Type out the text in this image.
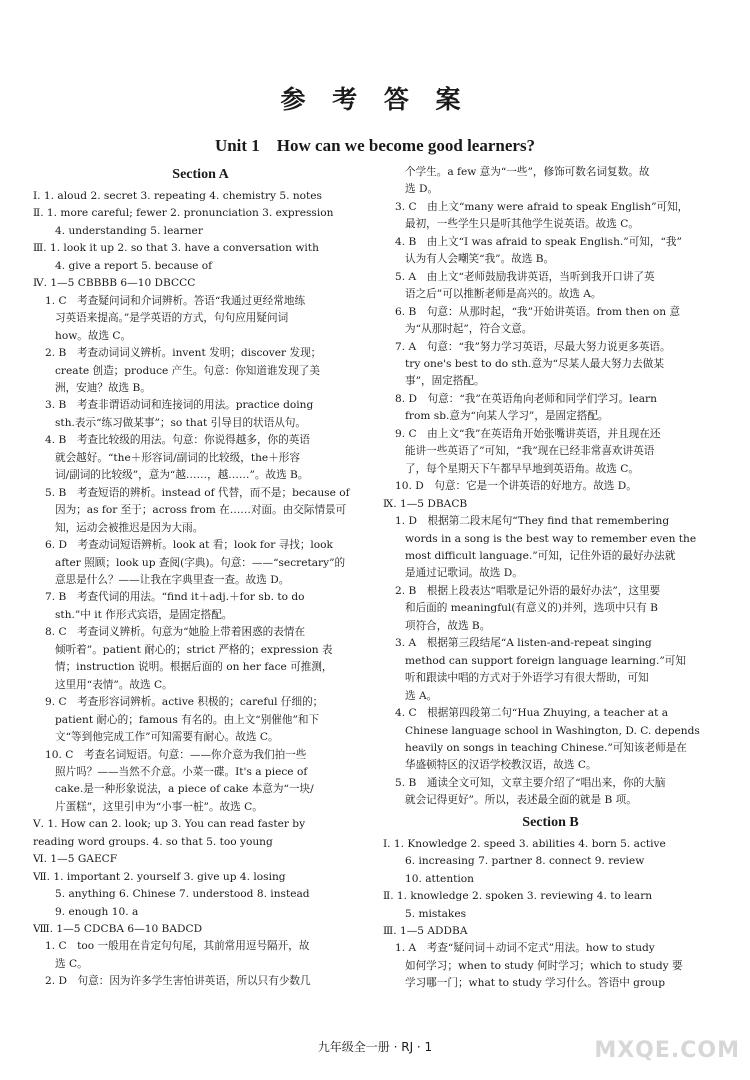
参 考 答 案
Unit 1    How can we become good learners?

Section A

Ⅰ. 1. aloud 2. secret 3. repeating 4. chemistry 5. notes

Ⅱ. 1. more careful; fewer 2. pronunciation 3. expression

4. understanding 5. learner

Ⅲ. 1. look it up 2. so that 3. have a conversation with

4. give a report 5. because of

Ⅳ. 1—5 CBBBB 6—10 DBCCC

1. C　考查疑问词和介词辨析。答语“我通过更经常地练

习英语来提高。”是学英语的方式，句句应用疑问词

how。故选 C。

2. B　考查动词词义辨析。invent 发明；discover 发现；

create 创造；produce 产生。句意：你知道谁发现了美

洲，安迪？故选 B。

3. B　考查非谓语动词和连接词的用法。practice doing

sth.表示“练习做某事”；so that 引导目的状语从句。

4. B　考查比较级的用法。句意：你说得越多，你的英语

就会越好。“the＋形容词/副词的比较级，the＋形容

词/副词的比较级”，意为“越……，越……”。故选 B。

5. B　考查短语的辨析。instead of 代替，而不是；because of

因为；as for 至于；across from 在……对面。由交际情景可

知，运动会被推迟是因为大雨。

6. D　考查动词短语辨析。look at 看；look for 寻找；look

after 照顾；look up 查阅(字典)。句意：——“secretary”的

意思是什么？——让我在字典里查一查。故选 D。

7. B　考查代词的用法。“find it＋adj.＋for sb. to do

sth.”中 it 作形式宾语，是固定搭配。

8. C　考查词义辨析。句意为“她脸上带着困惑的表情在

倾听着”。patient 耐心的；strict 严格的；expression 表

情；instruction 说明。根据后面的 on her face 可推测，

这里用“表情”。故选 C。

9. C　考查形容词辨析。active 积极的；careful 仔细的；

patient 耐心的；famous 有名的。由上文“别催他”和下

文“等到他完成工作”可知需要有耐心。故选 C。

10. C　考查名词短语。句意：——你介意为我们拍一些

照片吗？——当然不介意。小菜一碟。It's a piece of

cake.是一种形象说法，a piece of cake 本意为“一块/

片蛋糕”，这里引申为“小事一桩”。故选 C。

Ⅴ. 1. How can 2. look; up 3. You can read faster by

reading word groups. 4. so that 5. too young

Ⅵ. 1—5 GAECF

Ⅶ. 1. important 2. yourself 3. give up 4. losing

5. anything 6. Chinese 7. understood 8. instead

9. enough 10. a

Ⅷ. 1—5 CDCBA 6—10 BADCD

1. C　too 一般用在肯定句句尾，其前常用逗号隔开，故

选 C。

2. D　句意：因为许多学生害怕讲英语，所以只有少数几

个学生。a few 意为“一些”，修饰可数名词复数。故

选 D。

3. C　由上文“many were afraid to speak English”可知，

最初，一些学生只是听其他学生说英语。故选 C。

4. B　由上文“I was afraid to speak English.”可知，“我”

认为有人会嘲笑“我”。故选 B。

5. A　由上文“老师鼓励我讲英语，当听到我开口讲了英

语之后”可以推断老师是高兴的。故选 A。

6. B　句意：从那时起，“我”开始讲英语。from then on 意

为“从那时起”，符合文意。

7. A　句意：“我”努力学习英语，尽最大努力说更多英语。

try one's best to do sth.意为“尽某人最大努力去做某

事”，固定搭配。

8. D　句意：“我”在英语角向老师和同学们学习。learn

from sb.意为“向某人学习”，是固定搭配。

9. C　由上文“我”在英语角开始张嘴讲英语，并且现在还

能讲一些英语了”可知，“我”现在已经非常喜欢讲英语

了，每个星期天下午都早早地到英语角。故选 C。

10. D　句意：它是一个讲英语的好地方。故选 D。

Ⅸ. 1—5 DBACB

1. D　根据第二段末尾句“They find that remembering

words in a song is the best way to remember even the

most difficult language.”可知，记住外语的最好办法就

是通过记歌词。故选 D。

2. B　根据上段表达“唱歌是记外语的最好办法”，这里要

和后面的 meaningful(有意义的)并列，选项中只有 B

项符合，故选 B。

3. A　根据第三段结尾“A listen-and-repeat singing

method can support foreign language learning.”可知

听和跟读中唱的方式对于外语学习有很大帮助，可知

选 A。

4. C　根据第四段第二句“Hua Zhuying, a teacher at a

Chinese language school in Washington, D. C. depends

heavily on songs in teaching Chinese.”可知该老师是在

华盛顿特区的汉语学校教汉语，故选 C。

5. B　通读全文可知，文章主要介绍了“唱出来，你的大脑

就会记得更好”。所以，表述最全面的就是 B 项。

Section B

Ⅰ. 1. Knowledge 2. speed 3. abilities 4. born 5. active

6. increasing 7. partner 8. connect 9. review

10. attention

Ⅱ. 1. knowledge 2. spoken 3. reviewing 4. to learn

5. mistakes

Ⅲ. 1—5 ADDBA

1. A　考查“疑问词＋动词不定式”用法。how to study

如何学习；when to study 何时学习；which to study 要

学习哪一门；what to study 学习什么。答语中 group

九年级全一册 · RJ · 1	MXQE.COM
